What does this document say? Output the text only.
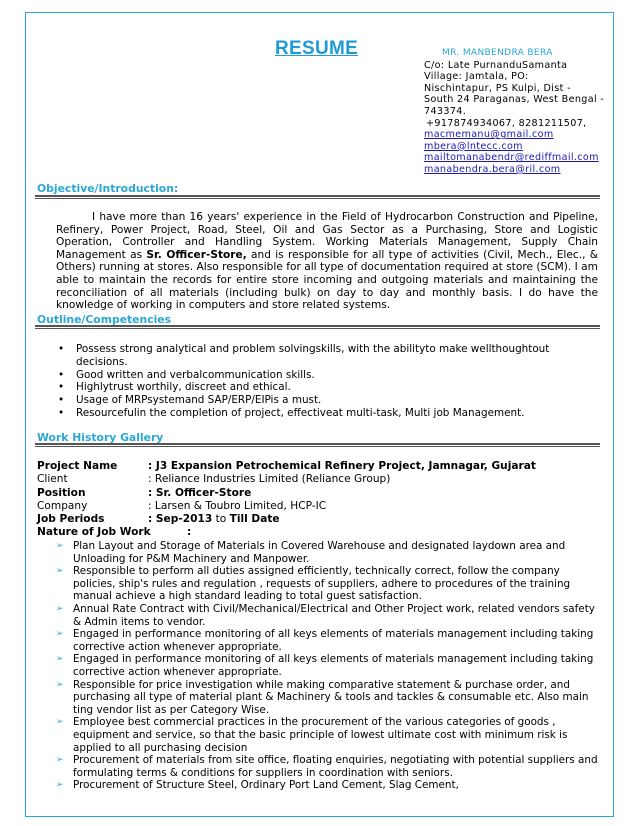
RESUME	MR. MANBENDRA BERA
C/o: Late PurnanduSamanta
Village: Jamtala, PO:
Nischintapur, PS Kulpi, Dist -
South 24 Paraganas, West Bengal -
743374.
+917874934067, 8281211507,
macmemanu@gmail.com
mbera@lntecc.com
mailtomanabendr@rediffmail.com
manabendra.bera@ril.com
Objective/Introduction:
I have more than 16 years' experience in the Field of Hydrocarbon Construction and Pipeline, Refinery, Power Project, Road, Steel, Oil and Gas Sector as a Purchasing, Store and Logistic Operation, Controller and Handling System. Working Materials Management, Supply Chain Management as Sr. Officer-Store, and is responsible for all type of activities (Civil, Mech., Elec., & Others) running at stores. Also responsible for all type of documentation required at store (SCM). I am able to maintain the records for entire store incoming and outgoing materials and maintaining the reconciliation of all materials (including bulk) on day to day and monthly basis. I do have the knowledge of working in computers and store related systems.
Outline/Competencies
• Possess strong analytical and problem solvingskills, with the abilityto make wellthoughtout decisions.
• Good written and verbalcommunication skills.
• Highlytrust worthily, discreet and ethical.
• Usage of MRPsystemand SAP/ERP/EIPis a must.
• Resourcefulin the completion of project, effectiveat multi-task, Multi job Management.
Work History Gallery
Project Name	: J3 Expansion Petrochemical Refinery Project, Jamnagar, Gujarat
Client	: Reliance Industries Limited (Reliance Group)
Position	: Sr. Officer-Store
Company	: Larsen & Toubro Limited, HCP-IC
Job Periods	: Sep-2013 to Till Date
Nature of Job Work	:
➢ Plan Layout and Storage of Materials in Covered Warehouse and designated laydown area and Unloading for P&M Machinery and Manpower.
➢ Responsible to perform all duties assigned efficiently, technically correct, follow the company policies, ship's rules and regulation , requests of suppliers, adhere to procedures of the training manual achieve a high standard leading to total guest satisfaction.
➢ Annual Rate Contract with Civil/Mechanical/Electrical and Other Project work, related vendors safety & Admin items to vendor.
➢ Engaged in performance monitoring of all keys elements of materials management including taking corrective action whenever appropriate.
➢ Engaged in performance monitoring of all keys elements of materials management including taking corrective action whenever appropriate.
➢ Responsible for price investigation while making comparative statement & purchase order, and purchasing all type of material plant & Machinery & tools and tackles & consumable etc. Also main ting vendor list as per Category Wise.
➢ Employee best commercial practices in the procurement of the various categories of goods , equipment and service, so that the basic principle of lowest ultimate cost with minimum risk is applied to all purchasing decision
➢ Procurement of materials from site office, floating enquiries, negotiating with potential suppliers and formulating terms & conditions for suppliers in coordination with seniors.
➢ Procurement of Structure Steel, Ordinary Port Land Cement, Slag Cement,
